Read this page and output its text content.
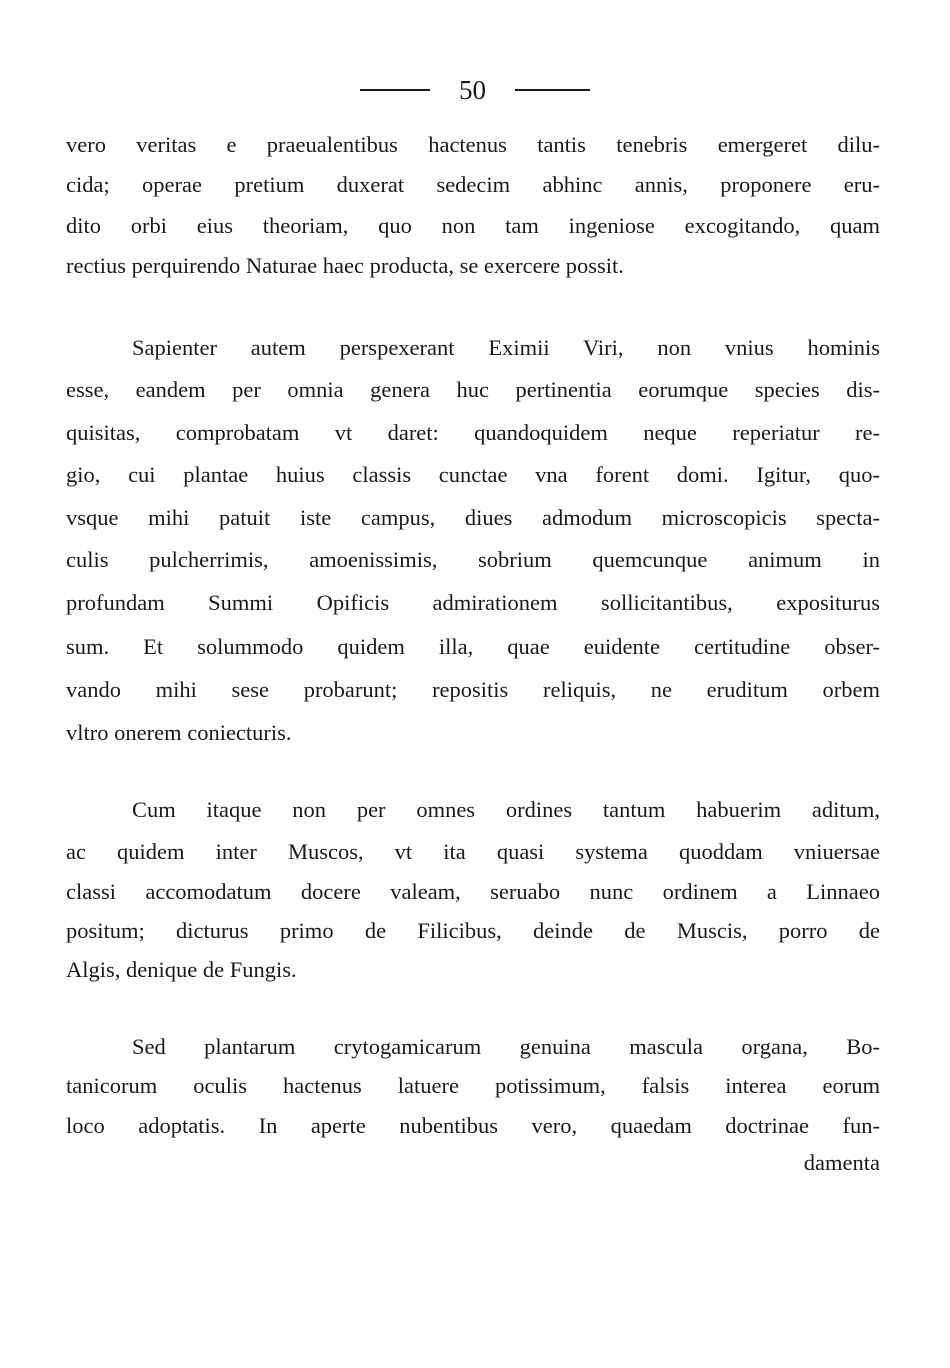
50
vero veritas e praeualentibus hactenus tantis tenebris emergeret dilu-
cida; operae pretium duxerat sedecim abhinc annis, proponere eru-
dito orbi eius theoriam, quo non tam ingeniose excogitando, quam
rectius perquirendo Naturae haec producta, se exercere possit.
Sapienter autem perspexerant Eximii Viri, non vnius hominis
esse, eandem per omnia genera huc pertinentia eorumque species dis-
quisitas, comprobatam vt daret: quandoquidem neque reperiatur re-
gio, cui plantae huius classis cunctae vna forent domi. Igitur, quo-
vsque mihi patuit iste campus, diues admodum microscopicis specta-
culis pulcherrimis, amoenissimis, sobrium quemcunque animum in
profundam Summi Opificis admirationem sollicitantibus, expositurus
sum. Et solummodo quidem illa, quae euidente certitudine obser-
vando mihi sese probarunt; repositis reliquis, ne eruditum orbem
vltro onerem coniecturis.
Cum itaque non per omnes ordines tantum habuerim aditum,
ac quidem inter Muscos, vt ita quasi systema quoddam vniuersae
classi accomodatum docere valeam, seruabo nunc ordinem a Linnaeo
positum; dicturus primo de Filicibus, deinde de Muscis, porro de
Algis, denique de Fungis.
Sed plantarum crytogamicarum genuina mascula organa, Bo-
tanicorum oculis hactenus latuere potissimum, falsis interea eorum
loco adoptatis. In aperte nubentibus vero, quaedam doctrinae fun-
damenta
